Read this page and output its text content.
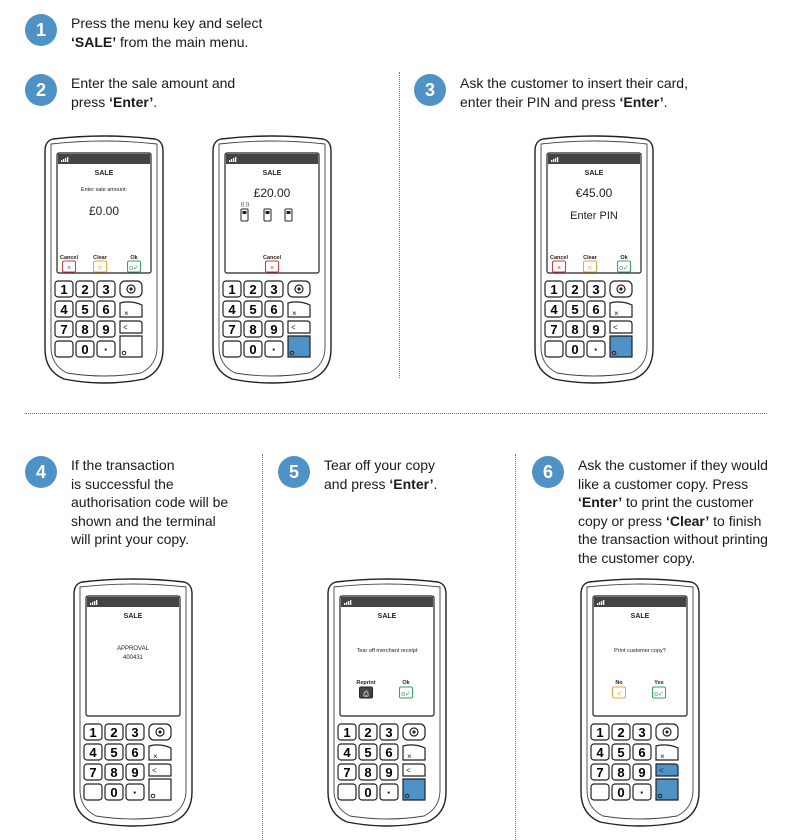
1 Press the menu key and select
‘SALE’ from the main menu.
2 Enter the sale amount and
press ‘Enter’.
3 Ask the customer to insert their card,
enter their PIN and press ‘Enter’.
4 If the transaction
is successful the
authorisation code will be
shown and the terminal
will print your copy.
5 Tear off your copy
and press ‘Enter’.
6 Ask the customer if they would
like a customer copy. Press
‘Enter’ to print the customer
copy or press ‘Clear’ to finish
the transaction without printing
the customer copy.
SALE
Enter sale amount:
£0.00
Cancel
×
Clear
<
Ok
o✓
1 2 3
4 5 6
7 8 9
0 ·
×
<
SALE
£20.00
((·))
Cancel
×
1 2 3
4 5 6
7 8 9
0 ·
×
<
SALE
€45.00
Enter PIN
Cancel
×
Clear
<
Ok
o✓
1 2 3
4 5 6
7 8 9
0 ·
×
<
SALE
APPROVAL
400431
1 2 3
4 5 6
7 8 9
0 ·
×
<
SALE
Tear off merchant receipt
Reprint
⎙
Ok
o✓
1 2 3
4 5 6
7 8 9
0 ·
×
<
SALE
Print customer copy?
No
<
Yes
o✓
1 2 3
4 5 6
7 8 9
0 ·
×
<
